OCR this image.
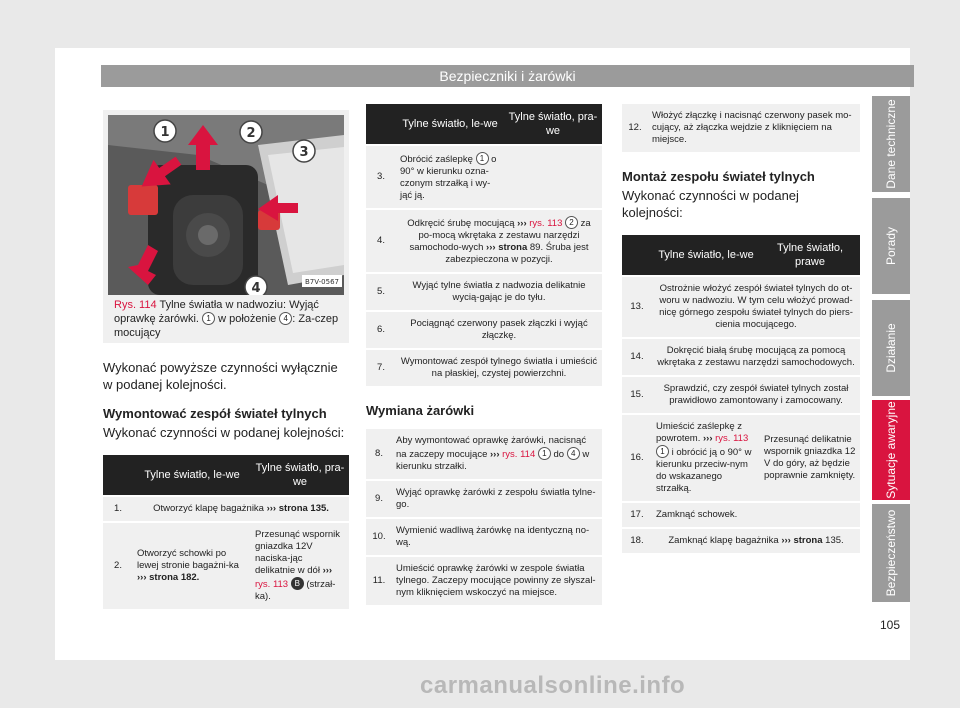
Bezpieczniki i żarówki
1	2
3
4	B7V-0567
Rys. 114 Tylne światła w nadwoziu: Wyjąć oprawkę żarówki. 1 w położenie 4 : Za-czep mocujący

Wykonać powyższe czynności wyłącznie w podanej kolejności.

Wymontować zespół świateł tylnych

Wykonać czynności w podanej kolejności:

	Tylne światło, le-we	Tylne światło, pra-we
1.	Otworzyć klapę bagażnika ››› strona 135.	
2.	Otworzyć schowki po lewej stronie bagażni-ka ››› strona 182.	Przesunąć wspornik gniazdka 12V naciska-jąc delikatnie w dół ››› rys. 113 B (strzał-ka).
	Tylne światło, le-we	Tylne światło, pra-we
3.	Obrócić zaślepkę 1 o 90° w kierunku ozna-czonym strzałką i wy-jąć ją.	
4.	Odkręcić śrubę mocującą ››› rys. 113 2 za po-mocą wkrętaka z zestawu narzędzi samochodo-wych ››› strona 89. Śruba jest zabezpieczona w pozycji.	
5.	Wyjąć tylne światła z nadwozia delikatnie wycią-gając je do tyłu.	
6.	Pociągnąć czerwony pasek złączki i wyjąć złączkę.	
7.	Wymontować zespół tylnego światła i umieścić na płaskiej, czystej powierzchni.	
Wymiana żarówki
8.	Aby wymontować oprawkę żarówki, nacisnąć na zaczepy mocujące ››› rys. 114 1 do 4 w kierunku strzałki.
9.	Wyjąć oprawkę żarówki z zespołu światła tylne-go.
10.	Wymienić wadliwą żarówkę na identyczną no-wą.
11.	Umieścić oprawkę żarówki w zespole światła tylnego. Zaczepy mocujące powinny ze słyszal-nym kliknięciem wskoczyć na miejsce.
12.	Włożyć złączkę i nacisnąć czerwony pasek mo-cujący, aż złączka wejdzie z kliknięciem na miejsce.
Montaż zespołu świateł tylnych

Wykonać czynności w podanej kolejności:

	Tylne światło, le-we	Tylne światło, prawe
13.	Ostrożnie włożyć zespół świateł tylnych do ot-woru w nadwoziu. W tym celu włożyć prowad-nicę górnego zespołu świateł tylnych do piers-cienia mocującego.	
14.	Dokręcić białą śrubę mocującą za pomocą wkrętaka z zestawu narzędzi samochodowych.	
15.	Sprawdzić, czy zespół świateł tylnych został prawidłowo zamontowany i zamocowany.	
16.	Umieścić zaślepkę z powrotem. ››› rys. 113 1 i obrócić ją o 90° w kierunku przeciw-nym do wskazanego strzałką.	Przesunąć delikatnie wspornik gniazdka 12 V do góry, aż będzie poprawnie zamknięty.
17.	Zamknąć schowek.	
18.	Zamknąć klapę bagażnika ››› strona 135.	
Dane techniczne
Porady
Działanie
Sytuacje awaryjne
Bezpieczeństwo
105
carmanualsonline.info
